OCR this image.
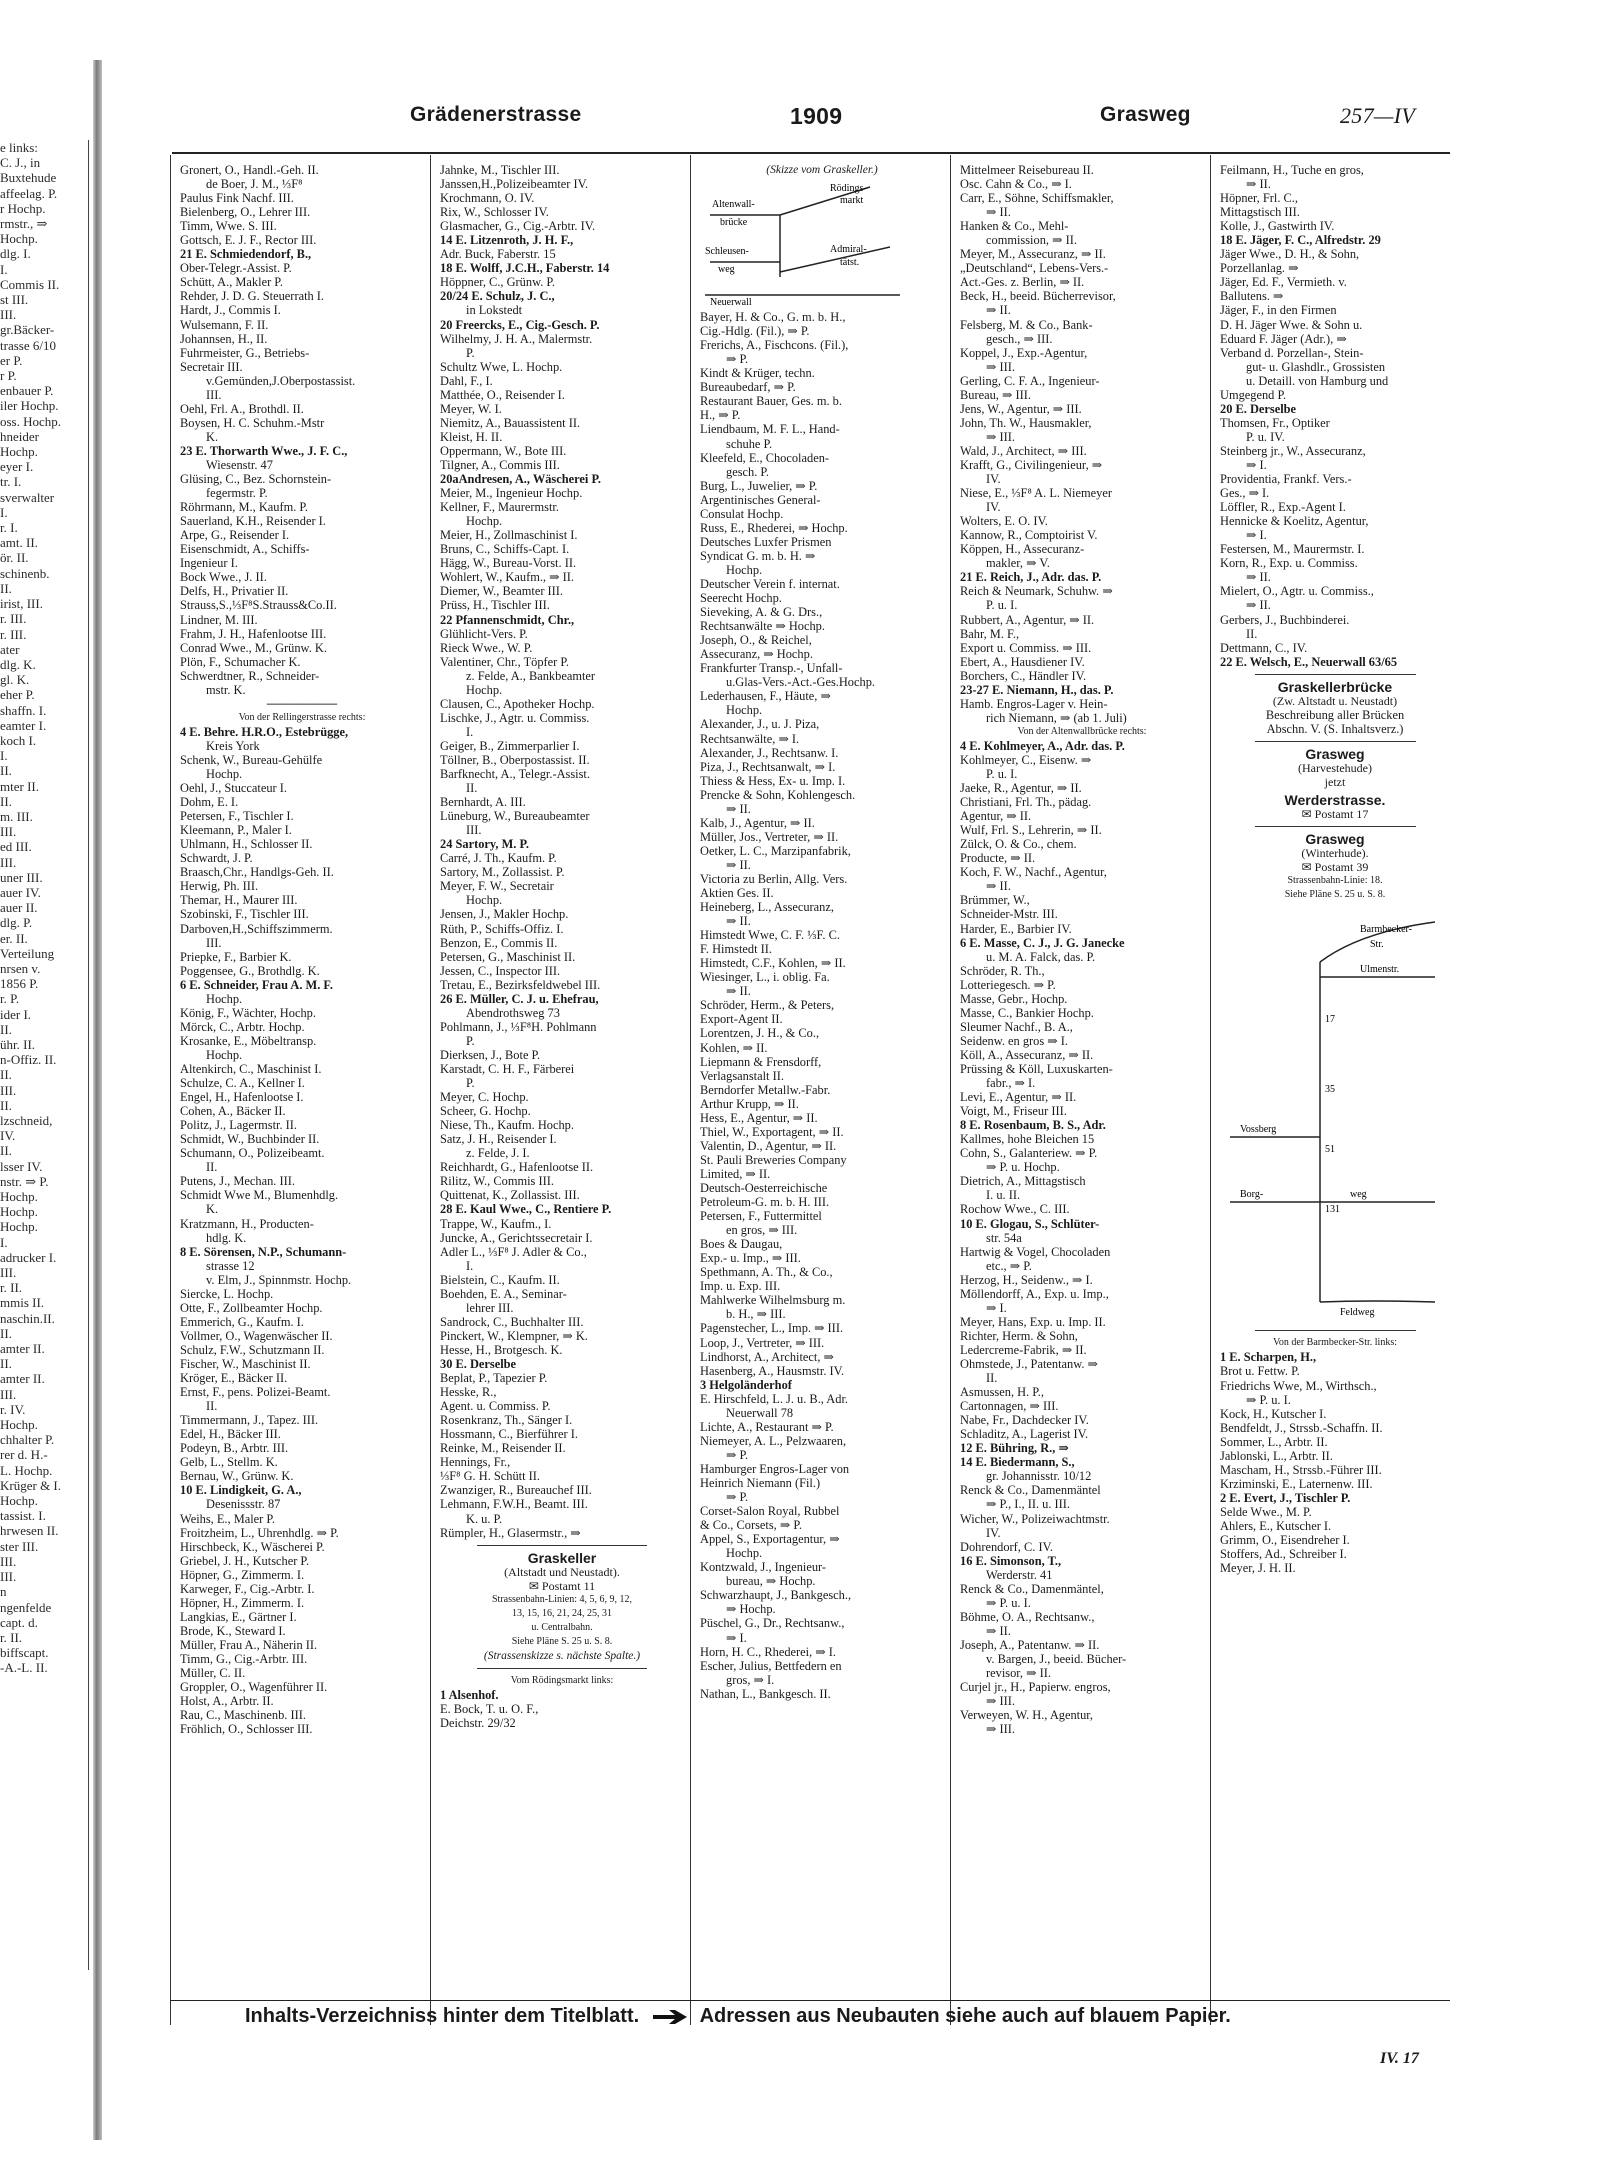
e links:
C. J., in
Buxtehude
affeelag. P.
r Hochp.
rmstr., ⇒
Hochp.
dlg. I.
I.
Commis II.
st III.
III.
gr.Bäcker-
trasse 6/10
er P.
r P.
enbauer P.
iler Hochp.
oss. Hochp.
hneider
Hochp.
eyer I.
tr. I.
sverwalter
I.
r. I.
amt. II.
ör. II.
schinenb.
II.
irist, III.
r. III.
r. III.
ater
dlg. K.
gl. K.
eher P.
shaffn. I.
eamter I.
koch I.
I.
II.
mter II.
II.
m. III.
III.
ed III.
III.
uner III.
auer IV.
auer II.
dlg. P.
er. II.
Verteilung
nrsen v.
1856 P.
r. P.
ider I.
II.
ühr. II.
n-Offiz. II.
II.
III.
II.
lzschneid,
IV.
II.
lsser IV.
nstr. ⇒ P.
Hochp.
Hochp.
Hochp.
I.
adrucker I.
III.
r. II.
mmis II.
naschin.II.
II.
amter II.
II.
amter II.
III.
r. IV.
Hochp.
chhalter P.
rer d. H.-
L. Hochp.
Krüger & I.
Hochp.
tassist. I.
hrwesen II.
ster III.
III.
III.
n
ngenfelde
capt. d.
r. II.
biffscapt.
-A.-L. II.
Grädenerstrasse	1909	Grasweg	257—IV
Gronert, O., Handl.-Geh. II.
de Boer, J. M., ⅓F⁸
Paulus Fink Nachf. III.
Bielenberg, O., Lehrer III.
Timm, Wwe. S. III.
Gottsch, E. J. F., Rector III.
21 E. Schmiedendorf, B.,
Ober-Telegr.-Assist. P.
Schütt, A., Makler P.
Rehder, J. D. G. Steuerrath I.
Hardt, J., Commis I.
Wulsemann, F. II.
Johannsen, H., II.
Fuhrmeister, G., Betriebs-
Secretair III.
v.Gemünden,J.Oberpostassist.
III.
Oehl, Frl. A., Brothdl. II.
Boysen, H. C. Schuhm.-Mstr
K.
23 E. Thorwarth Wwe., J. F. C.,
Wiesenstr. 47
Glüsing, C., Bez. Schornstein-
fegermstr. P.
Röhrmann, M., Kaufm. P.
Sauerland, K.H., Reisender I.
Arpe, G., Reisender I.
Eisenschmidt, A., Schiffs-
Ingenieur I.
Bock Wwe., J. II.
Delfs, H., Privatier II.
Strauss,S.,⅓F⁸S.Strauss&Co.II.
Lindner, M. III.
Frahm, J. H., Hafenlootse III.
Conrad Wwe., M., Grünw. K.
Plön, F., Schumacher K.
Schwerdtner, R., Schneider-
mstr. K.
────────
Von der Rellingerstrasse rechts:
4 E. Behre. H.R.O., Estebrügge,
Kreis York
Schenk, W., Bureau-Gehülfe
Hochp.
Oehl, J., Stuccateur I.
Dohm, E. I.
Petersen, F., Tischler I.
Kleemann, P., Maler I.
Uhlmann, H., Schlosser II.
Schwardt, J. P.
Braasch,Chr., Handlgs-Geh. II.
Herwig, Ph. III.
Themar, H., Maurer III.
Szobinski, F., Tischler III.
Darboven,H.,Schiffszimmerm.
III.
Priepke, F., Barbier K.
Poggensee, G., Brothdlg. K.
6 E. Schneider, Frau A. M. F.
Hochp.
König, F., Wächter, Hochp.
Mörck, C., Arbtr. Hochp.
Krosanke, E., Möbeltransp.
Hochp.
Altenkirch, C., Maschinist I.
Schulze, C. A., Kellner I.
Engel, H., Hafenlootse I.
Cohen, A., Bäcker II.
Politz, J., Lagermstr. II.
Schmidt, W., Buchbinder II.
Schumann, O., Polizeibeamt.
II.
Putens, J., Mechan. III.
Schmidt Wwe M., Blumenhdlg.
K.
Kratzmann, H., Producten-
hdlg. K.
8 E. Sörensen, N.P., Schumann-
strasse 12
v. Elm, J., Spinnmstr. Hochp.
Siercke, L. Hochp.
Otte, F., Zollbeamter Hochp.
Emmerich, G., Kaufm. I.
Vollmer, O., Wagenwäscher II.
Schulz, F.W., Schutzmann II.
Fischer, W., Maschinist II.
Kröger, E., Bäcker II.
Ernst, F., pens. Polizei-Beamt.
II.
Timmermann, J., Tapez. III.
Edel, H., Bäcker III.
Podeyn, B., Arbtr. III.
Gelb, L., Stellm. K.
Bernau, W., Grünw. K.
10 E. Lindigkeit, G. A.,
Desenissstr. 87
Weihs, E., Maler P.
Froitzheim, L., Uhrenhdlg. ⇒ P.
Hirschbeck, K., Wäscherei P.
Griebel, J. H., Kutscher P.
Höpner, G., Zimmerm. I.
Karweger, F., Cig.-Arbtr. I.
Höpner, H., Zimmerm. I.
Langkias, E., Gärtner I.
Brode, K., Steward I.
Müller, Frau A., Näherin II.
Timm, G., Cig.-Arbtr. III.
Müller, C. II.
Groppler, O., Wagenführer II.
Holst, A., Arbtr. II.
Rau, C., Maschinenb. III.
Fröhlich, O., Schlosser III.
Jahnke, M., Tischler III.
Janssen,H.,Polizeibeamter IV.
Krochmann, O. IV.
Rix, W., Schlosser IV.
Glasmacher, G., Cig.-Arbtr. IV.
14 E. Litzenroth, J. H. F.,
Adr. Buck, Faberstr. 15
18 E. Wolff, J.C.H., Faberstr. 14
Höppner, C., Grünw. P.
20/24 E. Schulz, J. C.,
in Lokstedt
20 Freercks, E., Cig.-Gesch. P.
Wilhelmy, J. H. A., Malermstr.
P.
Schultz Wwe, L. Hochp.
Dahl, F., I.
Matthée, O., Reisender I.
Meyer, W. I.
Niemitz, A., Bauassistent II.
Kleist, H. II.
Oppermann, W., Bote III.
Tilgner, A., Commis III.
20aAndresen, A., Wäscherei P.
Meier, M., Ingenieur Hochp.
Kellner, F., Maurermstr.
Hochp.
Meier, H., Zollmaschinist I.
Bruns, C., Schiffs-Capt. I.
Hägg, W., Bureau-Vorst. II.
Wohlert, W., Kaufm., ⇒ II.
Diemer, W., Beamter III.
Prüss, H., Tischler III.
22 Pfannenschmidt, Chr.,
Glühlicht-Vers. P.
Rieck Wwe., W. P.
Valentiner, Chr., Töpfer P.
z. Felde, A., Bankbeamter
Hochp.
Clausen, C., Apotheker Hochp.
Lischke, J., Agtr. u. Commiss.
I.
Geiger, B., Zimmerparlier I.
Töllner, B., Oberpostassist. II.
Barfknecht, A., Telegr.-Assist.
II.
Bernhardt, A. III.
Lüneburg, W., Bureaubeamter
III.
24 Sartory, M. P.
Carré, J. Th., Kaufm. P.
Sartory, M., Zollassist. P.
Meyer, F. W., Secretair
Hochp.
Jensen, J., Makler Hochp.
Rüth, P., Schiffs-Offiz. I.
Benzon, E., Commis II.
Petersen, G., Maschinist II.
Jessen, C., Inspector III.
Tretau, E., Bezirksfeldwebel III.
26 E. Müller, C. J. u. Ehefrau,
Abendrothsweg 73
Pohlmann, J., ⅓F⁸H. Pohlmann
P.
Dierksen, J., Bote P.
Karstadt, C. H. F., Färberei
P.
Meyer, C. Hochp.
Scheer, G. Hochp.
Niese, Th., Kaufm. Hochp.
Satz, J. H., Reisender I.
z. Felde, J. I.
Reichhardt, G., Hafenlootse II.
Rilitz, W., Commis III.
Quittenat, K., Zollassist. III.
28 E. Kaul Wwe., C., Rentiere P.
Trappe, W., Kaufm., I.
Juncke, A., Gerichtssecretair I.
Adler L., ⅓F⁸ J. Adler & Co.,
I.
Bielstein, C., Kaufm. II.
Boehden, E. A., Seminar-
lehrer III.
Sandrock, C., Buchhalter III.
Pinckert, W., Klempner, ⇒ K.
Hesse, H., Brotgesch. K.
30 E. Derselbe
Beplat, P., Tapezier P.
Hesske, R.,
Agent. u. Commiss. P.
Rosenkranz, Th., Sänger I.
Hossmann, C., Bierführer I.
Reinke, M., Reisender II.
Hennings, Fr.,
⅓F⁸ G. H. Schütt II.
Zwanziger, R., Bureauchef III.
Lehmann, F.W.H., Beamt. III.
K. u. P.
Rümpler, H., Glasermstr., ⇒
Graskeller
(Altstadt und Neustadt).
✉ Postamt 11
Strassenbahn-Linien: 4, 5, 6, 9, 12,
13, 15, 16, 21, 24, 25, 31
u. Centralbahn.
Siehe Pläne S. 25 u. S. 8.
(Strassenskizze s. nächste Spalte.)
Vom Rödingsmarkt links:
1 Alsenhof.
E. Bock, T. u. O. F.,
Deichstr. 29/32
(Skizze vom Graskeller.)
Altenwall-
brücke
Rödings-
markt
Schleusen-
weg
Admiral-
tätst.
Neuerwall
Bayer, H. & Co., G. m. b. H.,
Cig.-Hdlg. (Fil.), ⇒ P.
Frerichs, A., Fischcons. (Fil.),
⇒ P.
Kindt & Krüger, techn.
Bureaubedarf, ⇒ P.
Restaurant Bauer, Ges. m. b.
H., ⇒ P.
Liendbaum, M. F. L., Hand-
schuhe P.
Kleefeld, E., Chocoladen-
gesch. P.
Burg, L., Juwelier, ⇒ P.
Argentinisches General-
Consulat Hochp.
Russ, E., Rhederei, ⇒ Hochp.
Deutsches Luxfer Prismen
Syndicat G. m. b. H. ⇒
Hochp.
Deutscher Verein f. internat.
Seerecht Hochp.
Sieveking, A. & G. Drs.,
Rechtsanwälte ⇒ Hochp.
Joseph, O., & Reichel,
Assecuranz, ⇒ Hochp.
Frankfurter Transp.-, Unfall-
u.Glas-Vers.-Act.-Ges.Hochp.
Lederhausen, F., Häute, ⇒
Hochp.
Alexander, J., u. J. Piza,
Rechtsanwälte, ⇒ I.
Alexander, J., Rechtsanw. I.
Piza, J., Rechtsanwalt, ⇒ I.
Thiess & Hess, Ex- u. Imp. I.
Prencke & Sohn, Kohlengesch.
⇒ II.
Kalb, J., Agentur, ⇒ II.
Müller, Jos., Vertreter, ⇒ II.
Oetker, L. C., Marzipanfabrik,
⇒ II.
Victoria zu Berlin, Allg. Vers.
Aktien Ges. II.
Heineberg, L., Assecuranz,
⇒ II.
Himstedt Wwe, C. F. ⅓F. C.
F. Himstedt II.
Himstedt, C.F., Kohlen, ⇒ II.
Wiesinger, L., i. oblig. Fa.
⇒ II.
Schröder, Herm., & Peters,
Export-Agent II.
Lorentzen, J. H., & Co.,
Kohlen, ⇒ II.
Liepmann & Frensdorff,
Verlagsanstalt II.
Berndorfer Metallw.-Fabr.
Arthur Krupp, ⇒ II.
Hess, E., Agentur, ⇒ II.
Thiel, W., Exportagent, ⇒ II.
Valentin, D., Agentur, ⇒ II.
St. Pauli Breweries Company
Limited, ⇒ II.
Deutsch-Oesterreichische
Petroleum-G. m. b. H. III.
Petersen, F., Futtermittel
en gros, ⇒ III.
Boes & Daugau,
Exp.- u. Imp., ⇒ III.
Spethmann, A. Th., & Co.,
Imp. u. Exp. III.
Mahlwerke Wilhelmsburg m.
b. H., ⇒ III.
Pagenstecher, L., Imp. ⇒ III.
Loop, J., Vertreter, ⇒ III.
Lindhorst, A., Architect, ⇒
Hasenberg, A., Hausmstr. IV.
3 Helgoländerhof
E. Hirschfeld, L. J. u. B., Adr.
Neuerwall 78
Lichte, A., Restaurant ⇒ P.
Niemeyer, A. L., Pelzwaaren,
⇒ P.
Hamburger Engros-Lager von
Heinrich Niemann (Fil.)
⇒ P.
Corset-Salon Royal, Rubbel
& Co., Corsets, ⇒ P.
Appel, S., Exportagentur, ⇒
Hochp.
Kontzwald, J., Ingenieur-
bureau, ⇒ Hochp.
Schwarzhaupt, J., Bankgesch.,
⇒ Hochp.
Püschel, G., Dr., Rechtsanw.,
⇒ I.
Horn, H. C., Rhederei, ⇒ I.
Escher, Julius, Bettfedern en
gros, ⇒ I.
Nathan, L., Bankgesch. II.
Mittelmeer Reisebureau II.
Osc. Cahn & Co., ⇒ I.
Carr, E., Söhne, Schiffsmakler,
⇒ II.
Hanken & Co., Mehl-
commission, ⇒ II.
Meyer, M., Assecuranz, ⇒ II.
„Deutschland“, Lebens-Vers.-
Act.-Ges. z. Berlin, ⇒ II.
Beck, H., beeid. Bücherrevisor,
⇒ II.
Felsberg, M. & Co., Bank-
gesch., ⇒ III.
Koppel, J., Exp.-Agentur,
⇒ III.
Gerling, C. F. A., Ingenieur-
Bureau, ⇒ III.
Jens, W., Agentur, ⇒ III.
John, Th. W., Hausmakler,
⇒ III.
Wald, J., Architect, ⇒ III.
Krafft, G., Civilingenieur, ⇒
IV.
Niese, E., ⅓F⁸ A. L. Niemeyer
IV.
Wolters, E. O. IV.
Kannow, R., Comptoirist V.
Köppen, H., Assecuranz-
makler, ⇒ V.
21 E. Reich, J., Adr. das. P.
Reich & Neumark, Schuhw. ⇒
P. u. I.
Rubbert, A., Agentur, ⇒ II.
Bahr, M. F.,
Export u. Commiss. ⇒ III.
Ebert, A., Hausdiener IV.
Borchers, C., Händler IV.
23-27 E. Niemann, H., das. P.
Hamb. Engros-Lager v. Hein-
rich Niemann, ⇒ (ab 1. Juli)
Von der Altenwallbrücke rechts:
4 E. Kohlmeyer, A., Adr. das. P.
Kohlmeyer, C., Eisenw. ⇒
P. u. I.
Jaeke, R., Agentur, ⇒ II.
Christiani, Frl. Th., pädag.
Agentur, ⇒ II.
Wulf, Frl. S., Lehrerin, ⇒ II.
Zülck, O. & Co., chem.
Producte, ⇒ II.
Koch, F. W., Nachf., Agentur,
⇒ II.
Brümmer, W.,
Schneider-Mstr. III.
Harder, E., Barbier IV.
6 E. Masse, C. J., J. G. Janecke
u. M. A. Falck, das. P.
Schröder, R. Th.,
Lotteriegesch. ⇒ P.
Masse, Gebr., Hochp.
Masse, C., Bankier Hochp.
Sleumer Nachf., B. A.,
Seidenw. en gros ⇒ I.
Köll, A., Assecuranz, ⇒ II.
Prüssing & Köll, Luxuskarten-
fabr., ⇒ I.
Levi, E., Agentur, ⇒ II.
Voigt, M., Friseur III.
8 E. Rosenbaum, B. S., Adr.
Kallmes, hohe Bleichen 15
Cohn, S., Galanteriew. ⇒ P.
⇒ P. u. Hochp.
Dietrich, A., Mittagstisch
I. u. II.
Rochow Wwe., C. III.
10 E. Glogau, S., Schlüter-
str. 54a
Hartwig & Vogel, Chocoladen
etc., ⇒ P.
Herzog, H., Seidenw., ⇒ I.
Möllendorff, A., Exp. u. Imp.,
⇒ I.
Meyer, Hans, Exp. u. Imp. II.
Richter, Herm. & Sohn,
Ledercreme-Fabrik, ⇒ II.
Ohmstede, J., Patentanw. ⇒
II.
Asmussen, H. P.,
Cartonnagen, ⇒ III.
Nabe, Fr., Dachdecker IV.
Schladitz, A., Lagerist IV.
12 E. Bühring, R., ⇒
14 E. Biedermann, S.,
gr. Johannisstr. 10/12
Renck & Co., Damenmäntel
⇒ P., I., II. u. III.
Wicher, W., Polizeiwachtmstr.
IV.
Dohrendorf, C. IV.
16 E. Simonson, T.,
Werderstr. 41
Renck & Co., Damenmäntel,
⇒ P. u. I.
Böhme, O. A., Rechtsanw.,
⇒ II.
Joseph, A., Patentanw. ⇒ II.
v. Bargen, J., beeid. Bücher-
revisor, ⇒ II.
Curjel jr., H., Papierw. engros,
⇒ III.
Verweyen, W. H., Agentur,
⇒ III.
Feilmann, H., Tuche en gros,
⇒ II.
Höpner, Frl. C.,
Mittagstisch III.
Kolle, J., Gastwirth IV.
18 E. Jäger, F. C., Alfredstr. 29
Jäger Wwe., D. H., & Sohn,
Porzellanlag. ⇒
Jäger, Ed. F., Vermieth. v.
Ballutens. ⇒
Jäger, F., in den Firmen
D. H. Jäger Wwe. & Sohn u.
Eduard F. Jäger (Adr.), ⇒
Verband d. Porzellan-, Stein-
gut- u. Glashdlr., Grossisten
u. Detaill. von Hamburg und
Umgegend P.
20 E. Derselbe
Thomsen, Fr., Optiker
P. u. IV.
Steinberg jr., W., Assecuranz,
⇒ I.
Providentia, Frankf. Vers.-
Ges., ⇒ I.
Löffler, R., Exp.-Agent I.
Hennicke & Koelitz, Agentur,
⇒ I.
Festersen, M., Maurermstr. I.
Korn, R., Exp. u. Commiss.
⇒ II.
Mielert, O., Agtr. u. Commiss.,
⇒ II.
Gerbers, J., Buchbinderei.
II.
Dettmann, C., IV.
22 E. Welsch, E., Neuerwall 63/65
Graskellerbrücke
(Zw. Altstadt u. Neustadt)
Beschreibung aller Brücken
Abschn. V. (S. Inhaltsverz.)
Grasweg
(Harvestehude)
jetzt
Werderstrasse.
✉ Postamt 17
Grasweg
(Winterhude).
✉ Postamt 39
Strassenbahn-Linie: 18.
Siehe Pläne S. 25 u. S. 8.
Barmbecker-
Str.
Ulmenstr.
17
35
Vossberg
51
Borg-	weg
131
Feldweg
Von der Barmbecker-Str. links:
1 E. Scharpen, H.,
Brot u. Fettw. P.
Friedrichs Wwe, M., Wirthsch.,
⇒ P. u. I.
Kock, H., Kutscher I.
Bendfeldt, J., Strssb.-Schaffn. II.
Sommer, L., Arbtr. II.
Jablonski, L., Arbtr. II.
Mascham, H., Strssb.-Führer III.
Krziminski, E., Laternenw. III.
2 E. Evert, J., Tischler P.
Selde Wwe., M. P.
Ahlers, E., Kutscher I.
Grimm, O., Eisendreher I.
Stoffers, Ad., Schreiber I.
Meyer, J. H. II.
Inhalts-Verzeichniss hinter dem Titelblatt.	Adressen aus Neubauten siehe auch auf blauem Papier.
IV. 17
